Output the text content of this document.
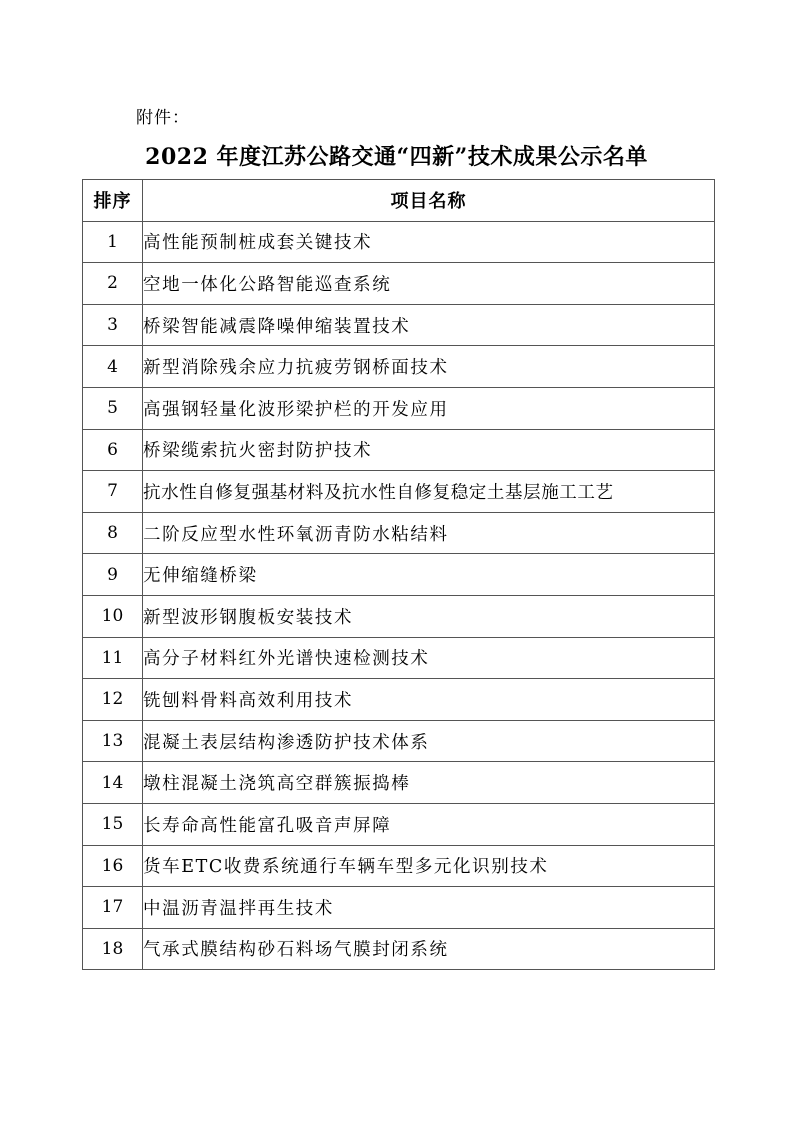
附件：
2022 年度江苏公路交通“四新”技术成果公示名单
排序	项目名称
1	高性能预制桩成套关键技术
2	空地一体化公路智能巡查系统
3	桥梁智能减震降噪伸缩装置技术
4	新型消除残余应力抗疲劳钢桥面技术
5	高强钢轻量化波形梁护栏的开发应用
6	桥梁缆索抗火密封防护技术
7	抗水性自修复强基材料及抗水性自修复稳定土基层施工工艺
8	二阶反应型水性环氧沥青防水粘结料
9	无伸缩缝桥梁
10	新型波形钢腹板安装技术
11	高分子材料红外光谱快速检测技术
12	铣刨料骨料高效利用技术
13	混凝土表层结构渗透防护技术体系
14	墩柱混凝土浇筑高空群簇振捣棒
15	长寿命高性能富孔吸音声屏障
16	货车ETC收费系统通行车辆车型多元化识别技术
17	中温沥青温拌再生技术
18	气承式膜结构砂石料场气膜封闭系统
